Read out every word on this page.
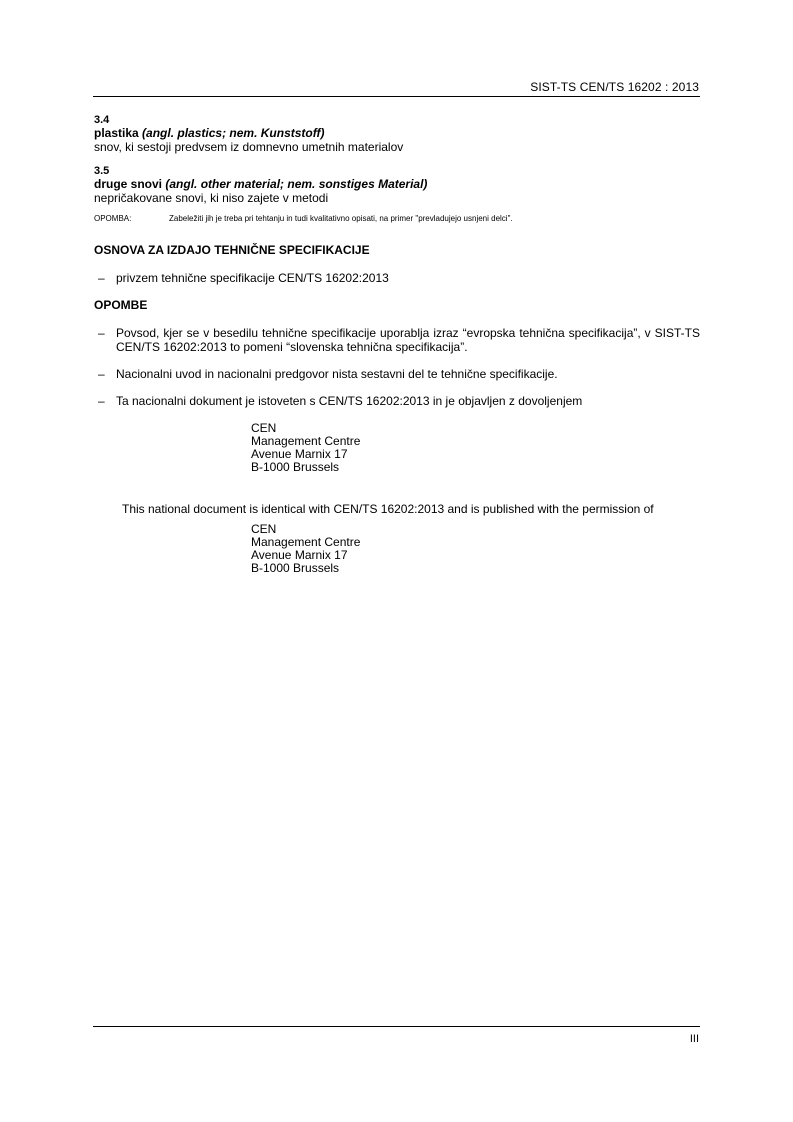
SIST-TS CEN/TS 16202 : 2013
3.4
plastika (angl. plastics; nem. Kunststoff)
snov, ki sestoji predvsem iz domnevno umetnih materialov
3.5
druge snovi (angl. other material; nem. sonstiges Material)
nepričakovane snovi, ki niso zajete v metodi
OPOMBA:	Zabeležiti jih je treba pri tehtanju in tudi kvalitativno opisati, na primer "prevladujejo usnjeni delci".
OSNOVA ZA IZDAJO TEHNIČNE SPECIFIKACIJE
– privzem tehnične specifikacije CEN/TS 16202:2013
OPOMBE
– Povsod, kjer se v besedilu tehnične specifikacije uporablja izraz “evropska tehnična specifikacija”, v SIST-TS CEN/TS 16202:2013 to pomeni “slovenska tehnična specifikacija”.
– Nacionalni uvod in nacionalni predgovor nista sestavni del te tehnične specifikacije.
– Ta nacionalni dokument je istoveten s CEN/TS 16202:2013 in je objavljen z dovoljenjem
CEN
Management Centre
Avenue Marnix 17
B-1000 Brussels
This national document is identical with CEN/TS 16202:2013 and is published with the permission of
CEN
Management Centre
Avenue Marnix 17
B-1000 Brussels
III
